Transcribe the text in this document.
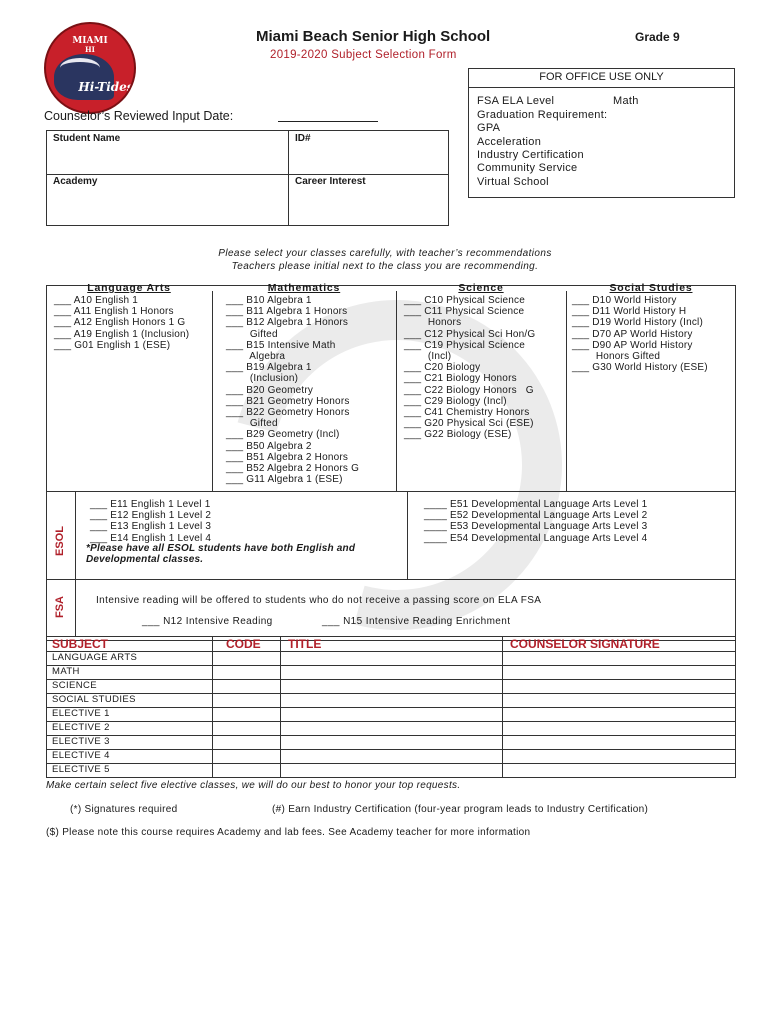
MIAMI
HI
Hi-Tides
Miami Beach Senior High School	Grade 9
2019-2020 Subject Selection Form
FOR OFFICE USE ONLY
FSA ELA Level	Math
Graduation Requirement:
GPA
Acceleration
Industry Certification
Community Service
Virtual School
Counselor’s Reviewed Input Date:
Student Name	ID#
Academy	Career Interest
Please select your classes carefully, with teacher’s recommendations
Teachers please initial next to the class you are recommending.
Language Arts	Mathematics	Science	Social Studies
___ A10 English 1
___ A11 English 1 Honors
___ A12 English Honors 1 G
___ A19 English 1 (Inclusion)
___ G01 English 1 (ESE)
___ B10 Algebra 1
___ B11 Algebra 1 Honors
___ B12 Algebra 1 Honors
Gifted
___ B15 Intensive Math
Algebra
___ B19 Algebra 1
(Inclusion)
___ B20 Geometry
___ B21 Geometry Honors
___ B22 Geometry Honors
Gifted
___ B29 Geometry (Incl)
___ B50 Algebra 2
___ B51 Algebra 2 Honors
___ B52 Algebra 2 Honors G
___ G11 Algebra 1 (ESE)
___ C10 Physical Science
___ C11 Physical Science
Honors
___ C12 Physical Sci Hon/G
___ C19 Physical Science
(Incl)
___ C20 Biology
___ C21 Biology Honors
___ C22 Biology Honors   G
___ C29 Biology (Incl)
___ C41 Chemistry Honors
___ G20 Physical Sci (ESE)
___ G22 Biology (ESE)
___ D10 World History
___ D11 World History H
___ D19 World History (Incl)
___ D70 AP World History
___ D90 AP World History
Honors Gifted
___ G30 World History (ESE)
ESOL
___ E11 English 1 Level 1
___ E12 English 1 Level 2
___ E13 English 1 Level 3
___ E14 English 1 Level 4
*Please have all ESOL students have both English and
Developmental classes.
____ E51 Developmental Language Arts Level 1
____ E52 Developmental Language Arts Level 2
____ E53 Developmental Language Arts Level 3
____ E54 Developmental Language Arts Level 4
FSA	Intensive reading will be offered to students who do not receive a passing score on ELA FSA
___ N12 Intensive Reading	___ N15 Intensive Reading Enrichment
SUBJECT	CODE TITLE	COUNSELOR SIGNATURE
LANGUAGE ARTS
MATH
SCIENCE
SOCIAL STUDIES
ELECTIVE 1
ELECTIVE 2
ELECTIVE 3
ELECTIVE 4
ELECTIVE 5
Make certain select five elective classes, we will do our best to honor your top requests.
(*) Signatures required	(#) Earn Industry Certification (four-year program leads to Industry Certification)
($) Please note this course requires Academy and lab fees. See Academy teacher for more information
